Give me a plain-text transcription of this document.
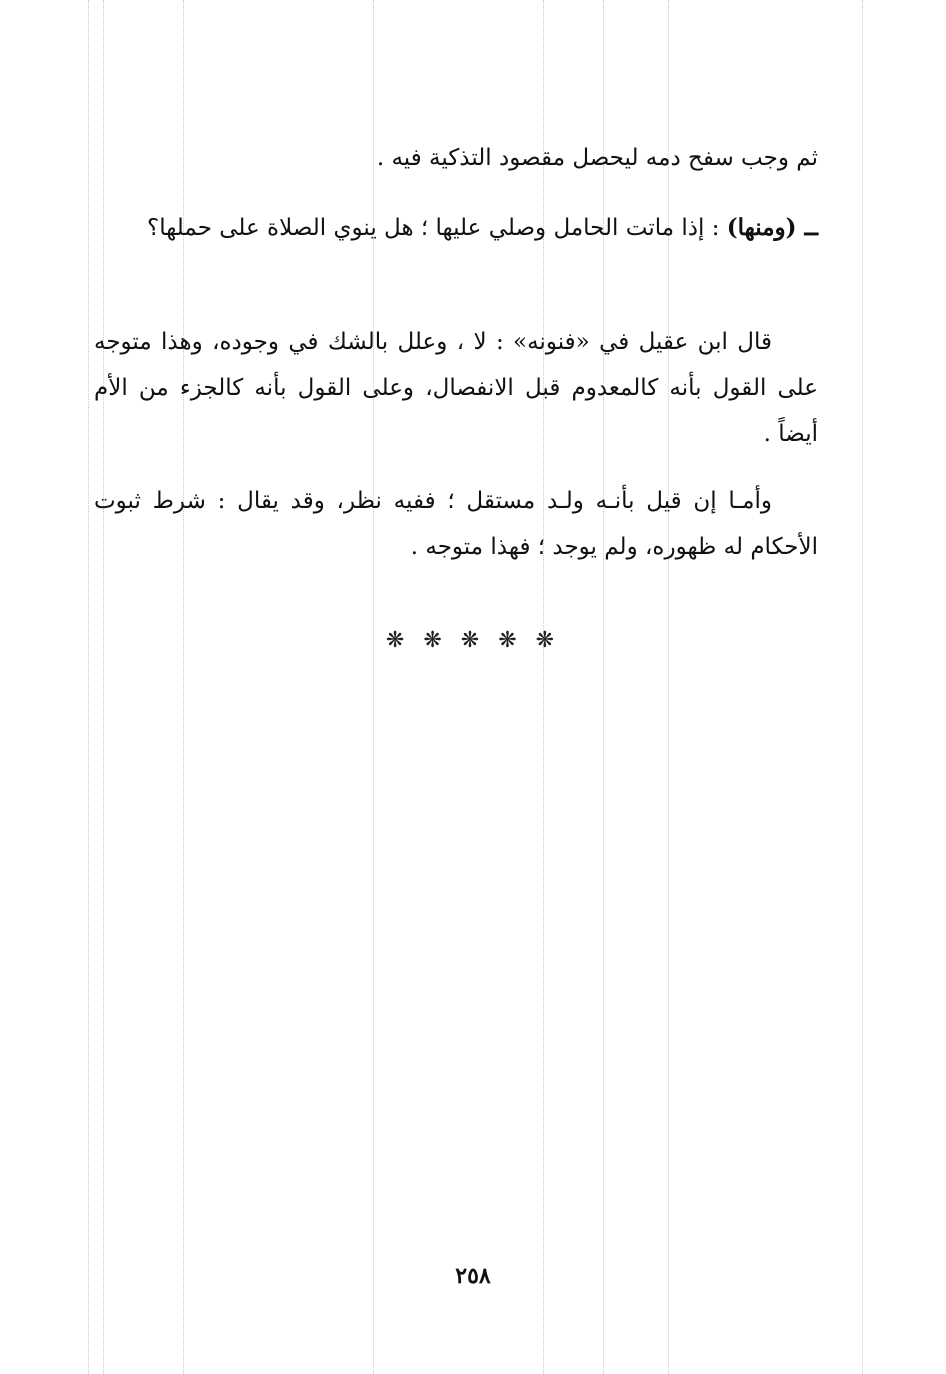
ثم وجب سفح دمه ليحصل مقصود التذكية فيه .

ــ (ومنها) : إذا ماتت الحامل وصلي عليها ؛ هل ينوي الصلاة على حملها؟

قال ابن عقيل في «فنونه» : لا ، وعلل بالشك في وجوده، وهذا متوجه على القول بأنه كالمعدوم قبل الانفصال، وعلى القول بأنه كالجزء من الأم أيضاً .

وأمـا إن قيل بأنـه ولـد مستقل ؛ ففيه نظر، وقد يقال : شرط ثبوت الأحكام له ظهوره، ولم يوجد ؛ فهذا متوجه .

❋ ❋ ❋ ❋ ❋
٢٥٨
